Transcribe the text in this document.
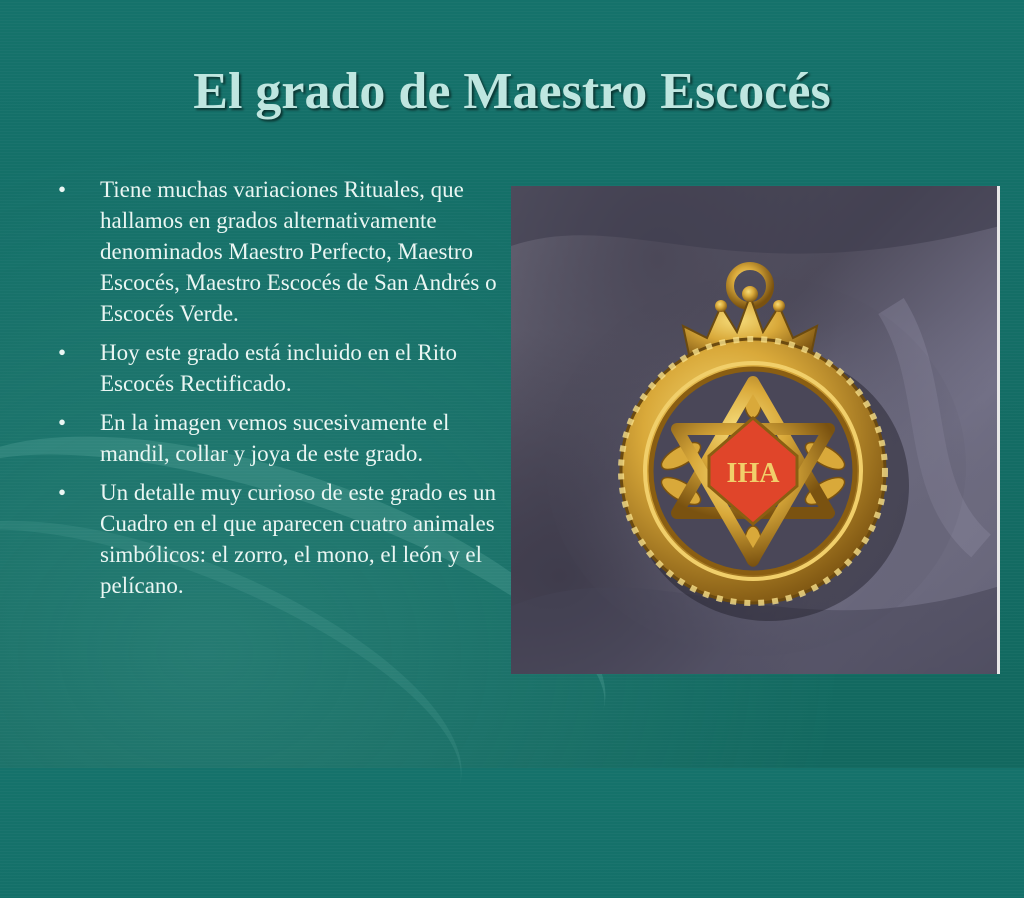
El grado de Maestro Escocés
• Tiene muchas variaciones Rituales, que hallamos en grados alternativamente denominados Maestro Perfecto, Maestro Escocés, Maestro Escocés de San Andrés o Escocés Verde.
• Hoy este grado está incluido en el Rito Escocés Rectificado.
• En la imagen vemos sucesivamente el mandil, collar y joya de este grado.
• Un detalle muy curioso de este grado es un Cuadro en el que aparecen cuatro animales simbólicos: el zorro, el mono, el león y el pelícano.
IHA
